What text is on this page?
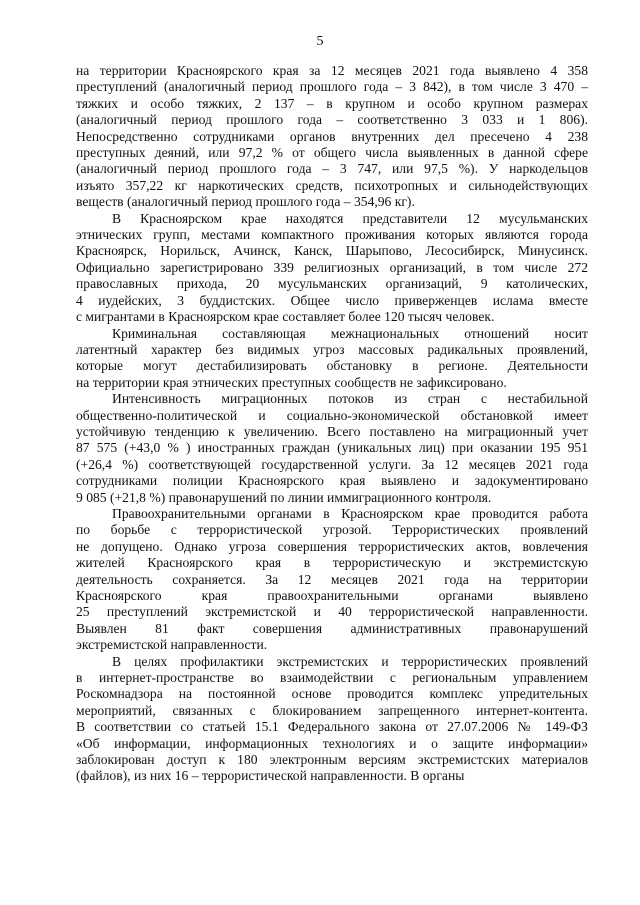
5
на территории Красноярского края за 12 месяцев 2021 года выявлено 4 358
преступлений (аналогичный период прошлого года – 3 842), в том числе 3 470 –
тяжких и особо тяжких, 2 137 – в крупном и особо крупном размерах
(аналогичный период прошлого года – соответственно 3 033 и 1 806).
Непосредственно сотрудниками органов внутренних дел пресечено 4 238
преступных деяний, или 97,2 % от общего числа выявленных в данной сфере
(аналогичный период прошлого года – 3 747, или 97,5 %). У наркодельцов
изъято 357,22 кг наркотических средств, психотропных и сильнодействующих
веществ (аналогичный период прошлого года – 354,96 кг).
В Красноярском крае находятся представители 12 мусульманских
этнических групп, местами компактного проживания которых являются города
Красноярск, Норильск, Ачинск, Канск, Шарыпово, Лесосибирск, Минусинск.
Официально зарегистрировано 339 религиозных организаций, в том числе 272
православных прихода, 20 мусульманских организаций, 9 католических,
4 иудейских, 3 буддистских. Общее число приверженцев ислама вместе
с мигрантами в Красноярском крае составляет более 120 тысяч человек.
Криминальная составляющая межнациональных отношений носит
латентный характер без видимых угроз массовых радикальных проявлений,
которые могут дестабилизировать обстановку в регионе. Деятельности
на территории края этнических преступных сообществ не зафиксировано.
Интенсивность миграционных потоков из стран с нестабильной
общественно-политической и социально-экономической обстановкой имеет
устойчивую тенденцию к увеличению. Всего поставлено на миграционный учет
87 575 (+43,0 % ) иностранных граждан (уникальных лиц) при оказании 195 951
(+26,4 %) соответствующей государственной услуги. За 12 месяцев 2021 года
сотрудниками полиции Красноярского края выявлено и задокументировано
9 085 (+21,8 %) правонарушений по линии иммиграционного контроля.
Правоохранительными органами в Красноярском крае проводится работа
по борьбе с террористической угрозой. Террористических проявлений
не допущено. Однако угроза совершения террористических актов, вовлечения
жителей Красноярского края в террористическую и экстремистскую
деятельность сохраняется. За 12 месяцев 2021 года на территории
Красноярского края правоохранительными органами выявлено
25 преступлений экстремистской и 40 террористической направленности.
Выявлен 81 факт совершения административных правонарушений
экстремистской направленности.
В целях профилактики экстремистских и террористических проявлений
в интернет-пространстве во взаимодействии с региональным управлением
Роскомнадзора на постоянной основе проводится комплекс упредительных
мероприятий, связанных с блокированием запрещенного интернет-контента.
В соответствии со статьей 15.1 Федерального закона от 27.07.2006 № 149-ФЗ
«Об информации, информационных технологиях и о защите информации»
заблокирован доступ к 180 электронным версиям экстремистских материалов
(файлов), из них 16 – террористической направленности. В органы
